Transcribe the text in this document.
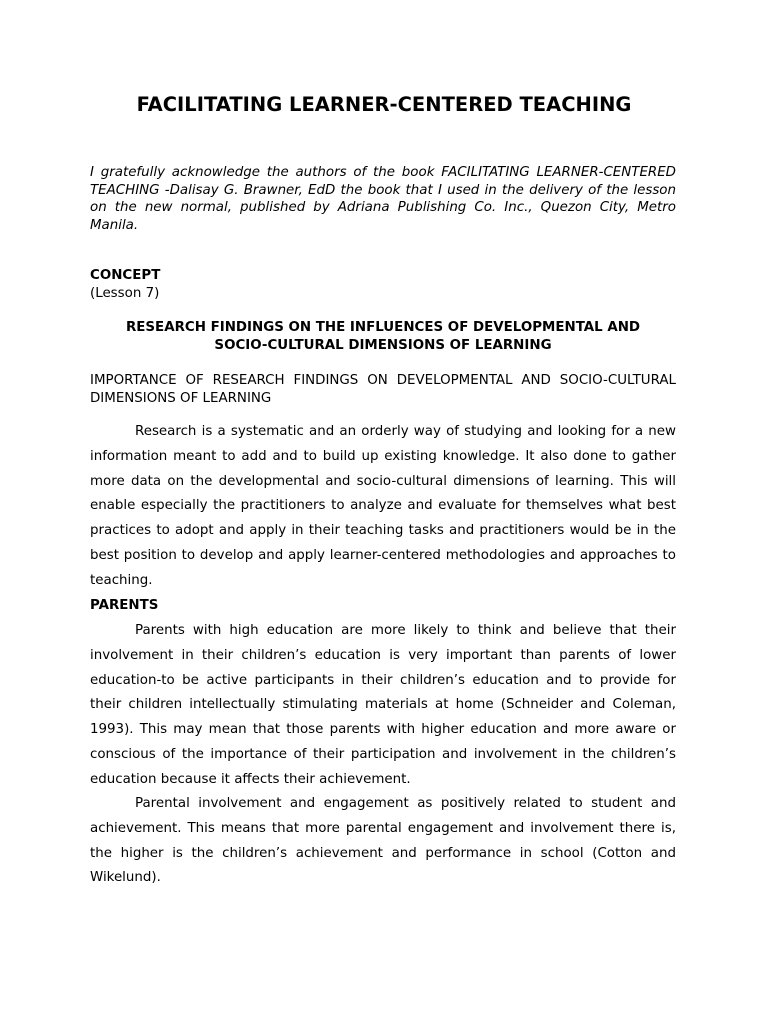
FACILITATING LEARNER-CENTERED TEACHING

I gratefully acknowledge the authors of the book FACILITATING LEARNER-CENTERED TEACHING -Dalisay G. Brawner, EdD the book that I used in the delivery of the lesson on the new normal, published by Adriana Publishing Co. Inc., Quezon City, Metro Manila.

CONCEPT

(Lesson 7)

RESEARCH FINDINGS ON THE INFLUENCES OF DEVELOPMENTAL AND
SOCIO-CULTURAL DIMENSIONS OF LEARNING

IMPORTANCE OF RESEARCH FINDINGS ON DEVELOPMENTAL AND SOCIO-CULTURAL DIMENSIONS OF LEARNING

Research is a systematic and an orderly way of studying and looking for a new information meant to add and to build up existing knowledge. It also done to gather more data on the developmental and socio-cultural dimensions of learning. This will enable especially the practitioners to analyze and evaluate for themselves what best practices to adopt and apply in their teaching tasks and practitioners would be in the best position to develop and apply learner-centered methodologies and approaches to teaching.

PARENTS

Parents with high education are more likely to think and believe that their involvement in their children’s education is very important than parents of lower education-to be active participants in their children’s education and to provide for their children intellectually stimulating materials at home (Schneider and Coleman, 1993). This may mean that those parents with higher education and more aware or conscious of the importance of their participation and involvement in the children’s education because it affects their achievement.

Parental involvement and engagement as positively related to student and achievement. This means that more parental engagement and involvement there is, the higher is the children’s achievement and performance in school (Cotton and Wikelund).
